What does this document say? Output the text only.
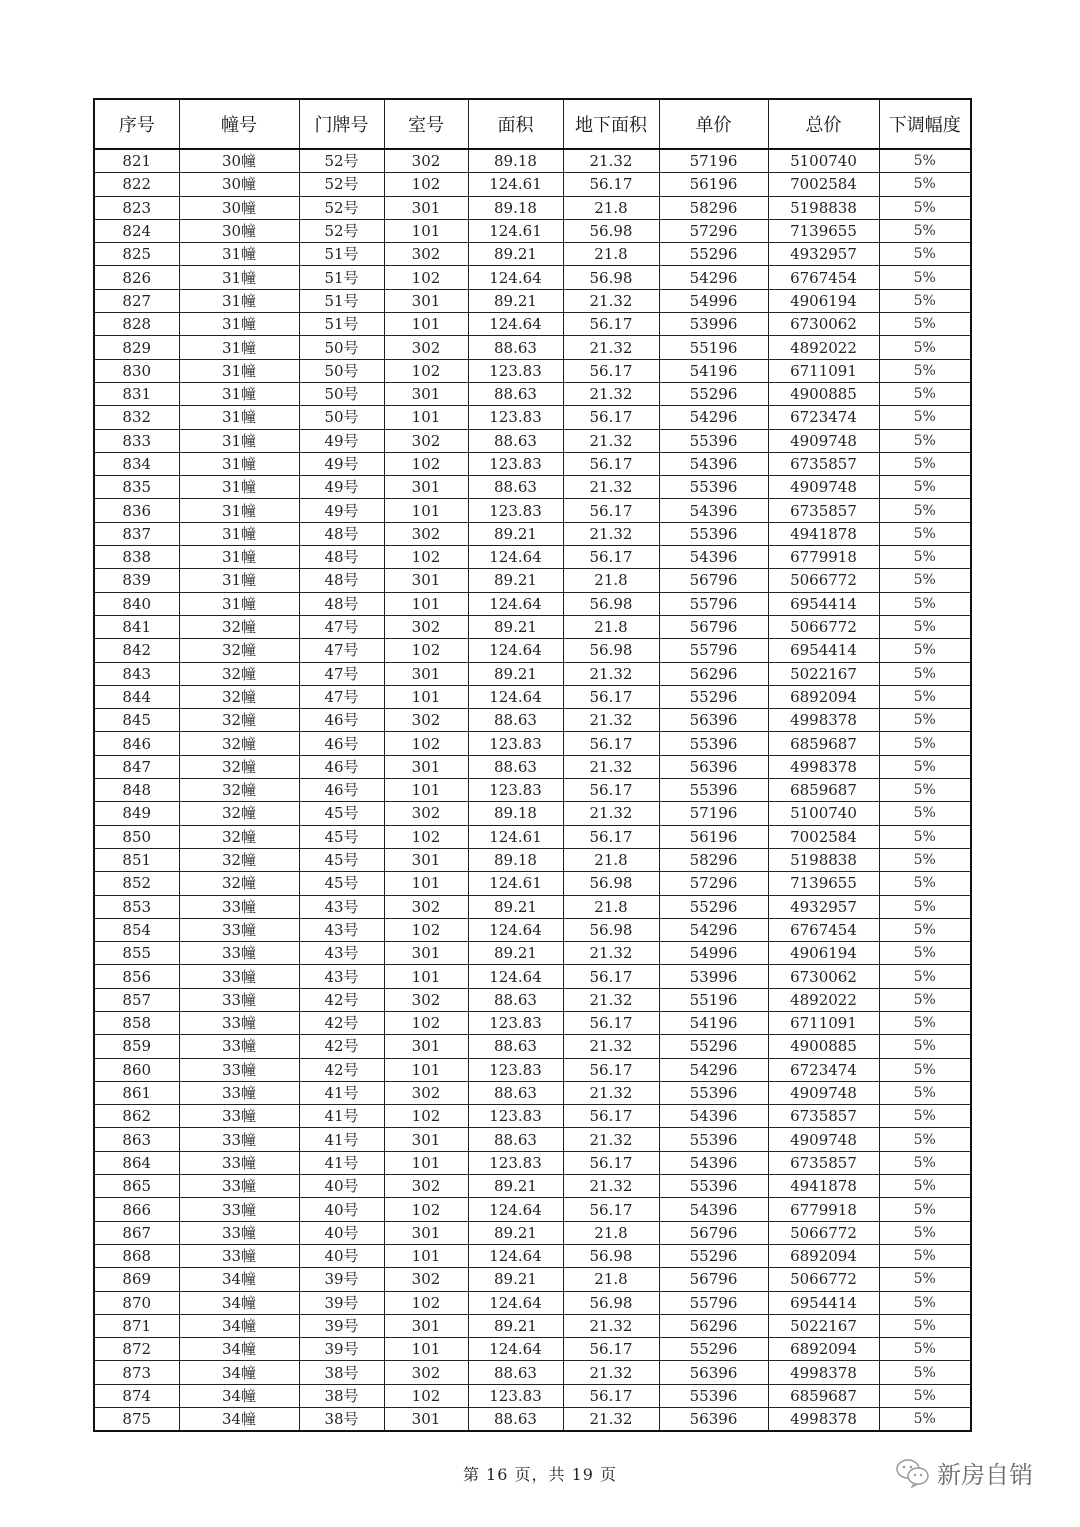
序号	幢号	门牌号	室号	面积	地下面积	单价	总价	下调幅度
821	30幢	52号	302	89.18	21.32	57196	5100740	5%
822	30幢	52号	102	124.61	56.17	56196	7002584	5%
823	30幢	52号	301	89.18	21.8	58296	5198838	5%
824	30幢	52号	101	124.61	56.98	57296	7139655	5%
825	31幢	51号	302	89.21	21.8	55296	4932957	5%
826	31幢	51号	102	124.64	56.98	54296	6767454	5%
827	31幢	51号	301	89.21	21.32	54996	4906194	5%
828	31幢	51号	101	124.64	56.17	53996	6730062	5%
829	31幢	50号	302	88.63	21.32	55196	4892022	5%
830	31幢	50号	102	123.83	56.17	54196	6711091	5%
831	31幢	50号	301	88.63	21.32	55296	4900885	5%
832	31幢	50号	101	123.83	56.17	54296	6723474	5%
833	31幢	49号	302	88.63	21.32	55396	4909748	5%
834	31幢	49号	102	123.83	56.17	54396	6735857	5%
835	31幢	49号	301	88.63	21.32	55396	4909748	5%
836	31幢	49号	101	123.83	56.17	54396	6735857	5%
837	31幢	48号	302	89.21	21.32	55396	4941878	5%
838	31幢	48号	102	124.64	56.17	54396	6779918	5%
839	31幢	48号	301	89.21	21.8	56796	5066772	5%
840	31幢	48号	101	124.64	56.98	55796	6954414	5%
841	32幢	47号	302	89.21	21.8	56796	5066772	5%
842	32幢	47号	102	124.64	56.98	55796	6954414	5%
843	32幢	47号	301	89.21	21.32	56296	5022167	5%
844	32幢	47号	101	124.64	56.17	55296	6892094	5%
845	32幢	46号	302	88.63	21.32	56396	4998378	5%
846	32幢	46号	102	123.83	56.17	55396	6859687	5%
847	32幢	46号	301	88.63	21.32	56396	4998378	5%
848	32幢	46号	101	123.83	56.17	55396	6859687	5%
849	32幢	45号	302	89.18	21.32	57196	5100740	5%
850	32幢	45号	102	124.61	56.17	56196	7002584	5%
851	32幢	45号	301	89.18	21.8	58296	5198838	5%
852	32幢	45号	101	124.61	56.98	57296	7139655	5%
853	33幢	43号	302	89.21	21.8	55296	4932957	5%
854	33幢	43号	102	124.64	56.98	54296	6767454	5%
855	33幢	43号	301	89.21	21.32	54996	4906194	5%
856	33幢	43号	101	124.64	56.17	53996	6730062	5%
857	33幢	42号	302	88.63	21.32	55196	4892022	5%
858	33幢	42号	102	123.83	56.17	54196	6711091	5%
859	33幢	42号	301	88.63	21.32	55296	4900885	5%
860	33幢	42号	101	123.83	56.17	54296	6723474	5%
861	33幢	41号	302	88.63	21.32	55396	4909748	5%
862	33幢	41号	102	123.83	56.17	54396	6735857	5%
863	33幢	41号	301	88.63	21.32	55396	4909748	5%
864	33幢	41号	101	123.83	56.17	54396	6735857	5%
865	33幢	40号	302	89.21	21.32	55396	4941878	5%
866	33幢	40号	102	124.64	56.17	54396	6779918	5%
867	33幢	40号	301	89.21	21.8	56796	5066772	5%
868	33幢	40号	101	124.64	56.98	55296	6892094	5%
869	34幢	39号	302	89.21	21.8	56796	5066772	5%
870	34幢	39号	102	124.64	56.98	55796	6954414	5%
871	34幢	39号	301	89.21	21.32	56296	5022167	5%
872	34幢	39号	101	124.64	56.17	55296	6892094	5%
873	34幢	38号	302	88.63	21.32	56396	4998378	5%
874	34幢	38号	102	123.83	56.17	55396	6859687	5%
875	34幢	38号	301	88.63	21.32	56396	4998378	5%
第 16 页，共 19 页	新房自销
